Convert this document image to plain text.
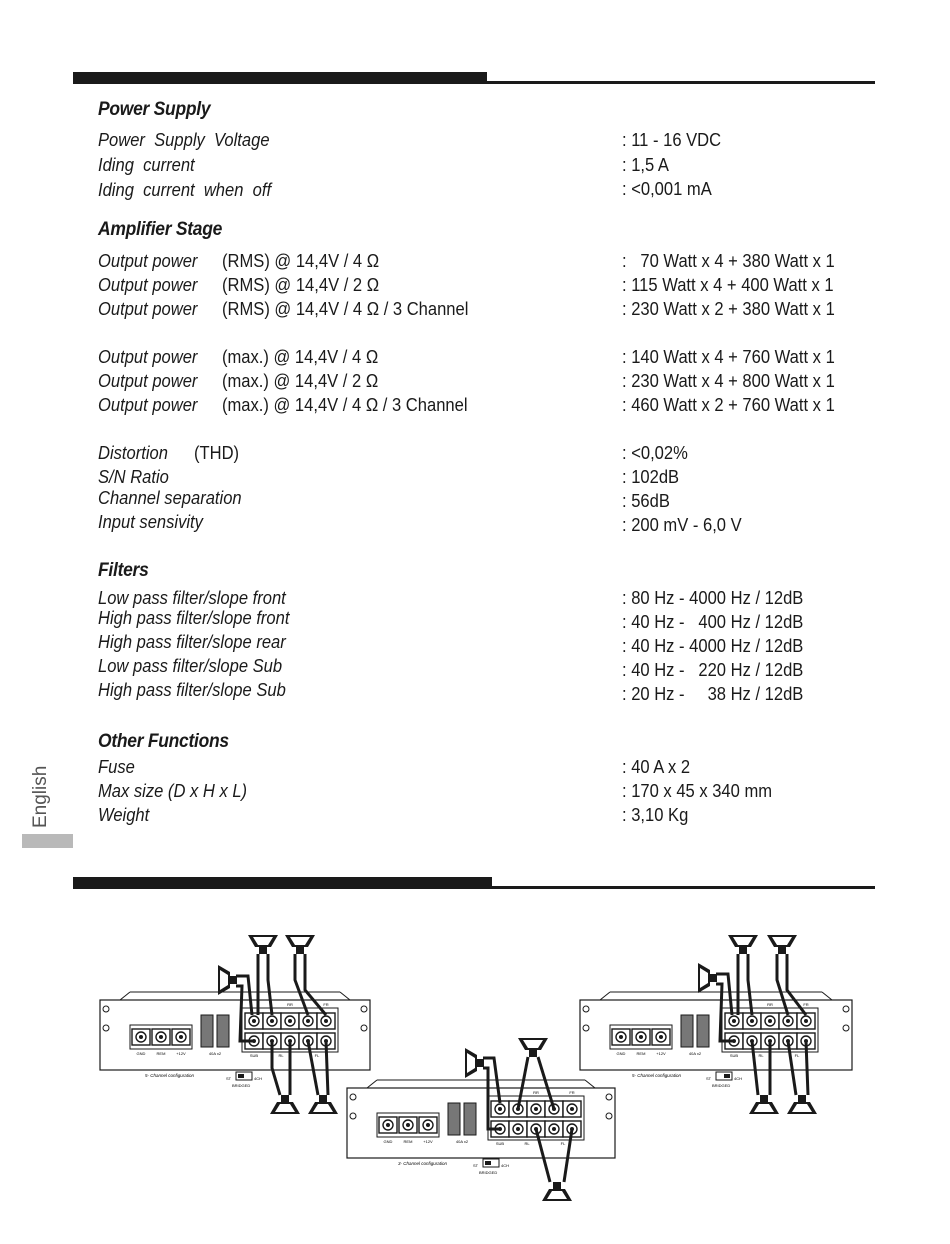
Power Supply
Power  Supply  Voltage	: 11 - 16 VDC
Iding  current	: 1,5 A
Iding  current  when  off	: <0,001 mA
Amplifier Stage
Output power (RMS) @ 14,4V / 4 Ω	:   70 Watt x 4 + 380 Watt x 1
Output power (RMS) @ 14,4V / 2 Ω	: 115 Watt x 4 + 400 Watt x 1
Output power (RMS) @ 14,4V / 4 Ω / 3 Channel	: 230 Watt x 2 + 380 Watt x 1
Output power (max.) @ 14,4V / 4 Ω	: 140 Watt x 4 + 760 Watt x 1
Output power (max.) @ 14,4V / 2 Ω	: 230 Watt x 4 + 800 Watt x 1
Output power (max.) @ 14,4V / 4 Ω / 3 Channel	: 460 Watt x 2 + 760 Watt x 1
Distortion (THD)	: <0,02%
S/N Ratio	: 102dB
Channel separation	: 56dB
Input sensivity	: 200 mV - 6,0 V
Filters
Low pass filter/slope front	: 80 Hz - 4000 Hz / 12dB
High pass filter/slope front	: 40 Hz -   400 Hz / 12dB
High pass filter/slope rear	: 40 Hz - 4000 Hz / 12dB
Low pass filter/slope Sub	: 40 Hz -   220 Hz / 12dB
High pass filter/slope Sub	: 20 Hz -     38 Hz / 12dB
Other Functions
Fuse	: 40 A x 2
Max size (D x H x L)	: 170 x 45 x 340 mm
Weight	: 3,10 Kg
English
GND	REM	+12V	40A x2	SUB	RL	FL
RR	FR
5- Channel configuration
ST	4CH
BRIDGED
GND	REM	+12V	40A x2	SUB	RL	FL
RR	FR
5- Channel configuration
ST	4CH
BRIDGED
GND	REM	+12V	40A x2	SUB	RL	FL
RR	FR
3- Channel configuration	ST	4CH
BRIDGED
